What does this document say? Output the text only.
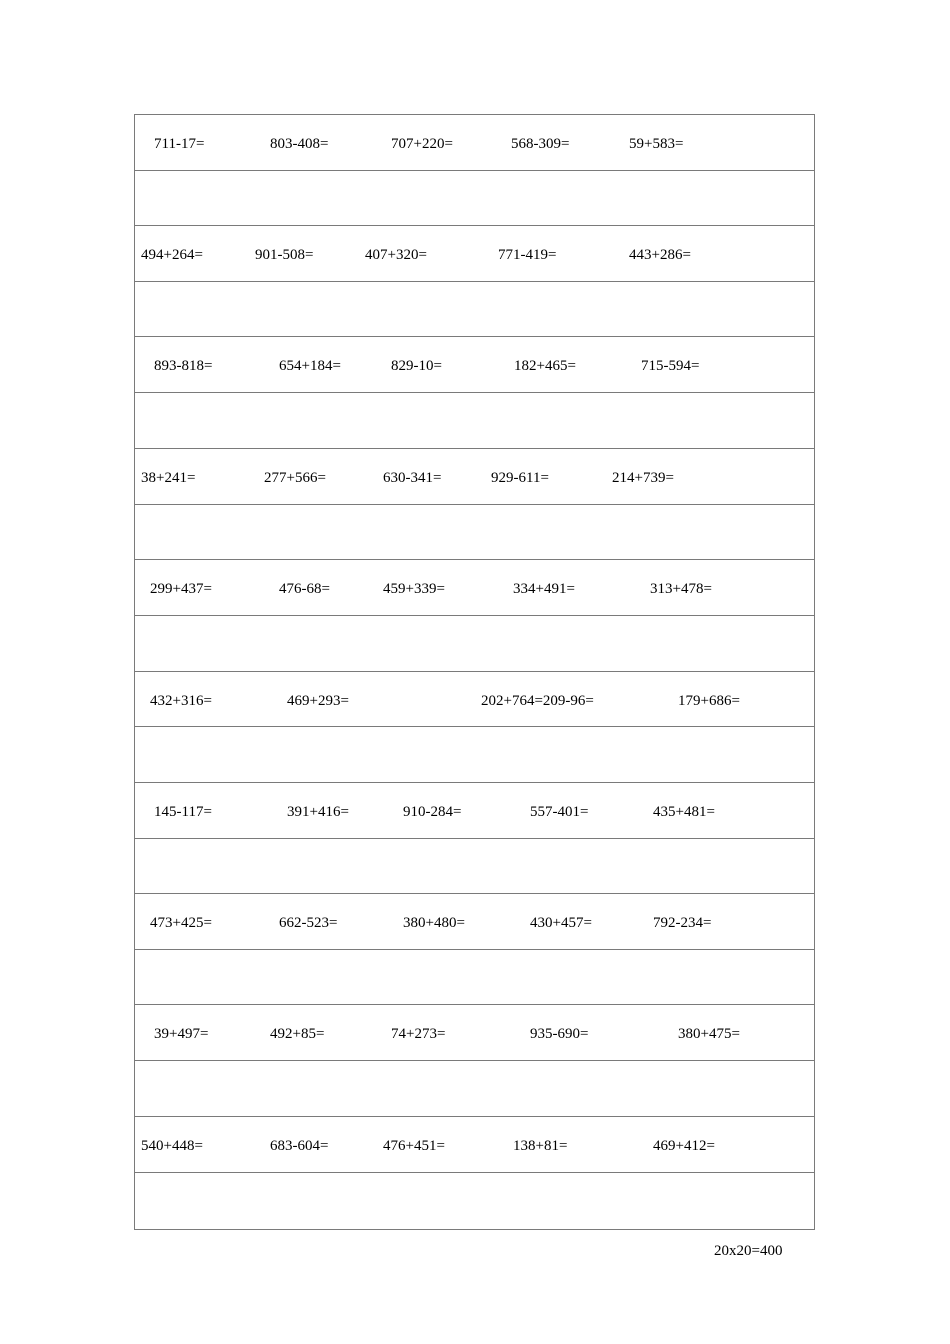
711-17=	803-408=	707+220=	568-309=	59+583=
494+264=	901-508=	407+320=	771-419=	443+286=
893-818=	654+184=	829-10=	182+465=	715-594=
38+241=	277+566=	630-341=	929-611=	214+739=
299+437=	476-68=	459+339=	334+491=	313+478=
432+316=	469+293=	202+764=209-96=	179+686=
145-117=	391+416=	910-284=	557-401=	435+481=
473+425=	662-523=	380+480=	430+457=	792-234=
39+497=	492+85=	74+273=	935-690=	380+475=
540+448=	683-604=	476+451=	138+81=	469+412=
20x20=400
